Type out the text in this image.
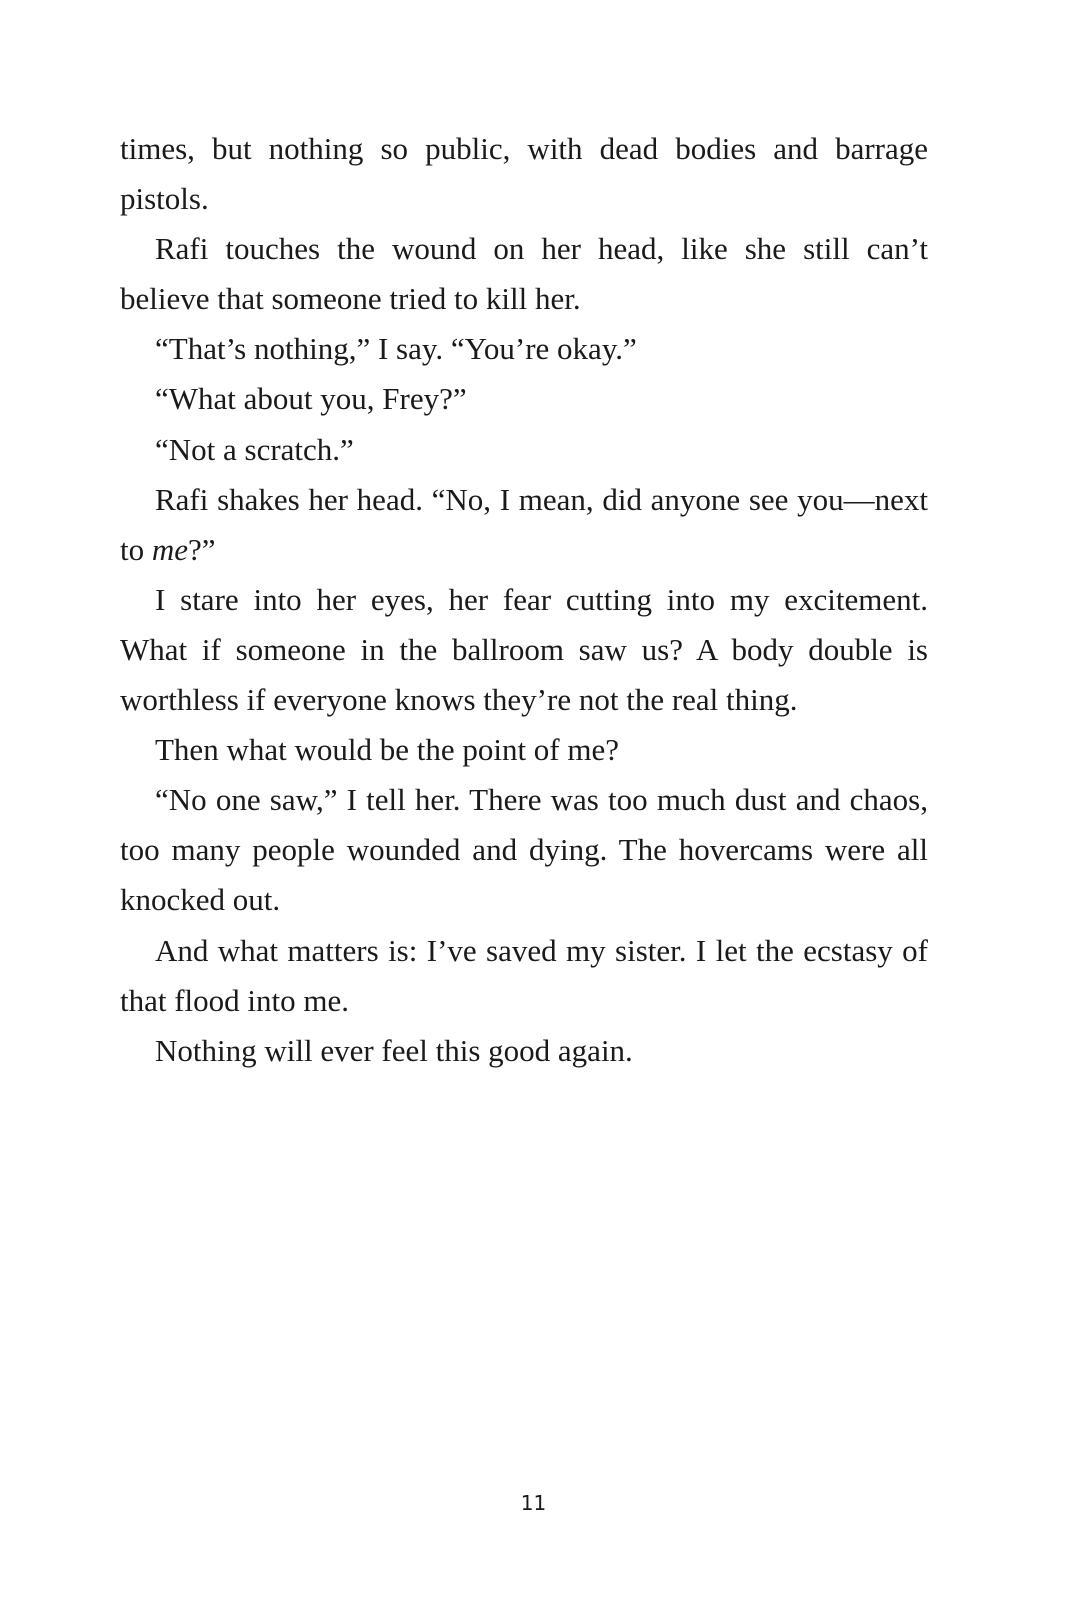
times, but nothing so public, with dead bodies and barrage pistols.

Rafi touches the wound on her head, like she still can’t believe that someone tried to kill her.

“That’s nothing,” I say. “You’re okay.”

“What about you, Frey?”

“Not a scratch.”

Rafi shakes her head. “No, I mean, did anyone see you—next to me?”

I stare into her eyes, her fear cutting into my excitement. What if someone in the ballroom saw us? A body double is worthless if everyone knows they’re not the real thing.

Then what would be the point of me?

“No one saw,” I tell her. There was too much dust and chaos, too many people wounded and dying. The hovercams were all knocked out.

And what matters is: I’ve saved my sister. I let the ecstasy of that flood into me.

Nothing will ever feel this good again.

11
